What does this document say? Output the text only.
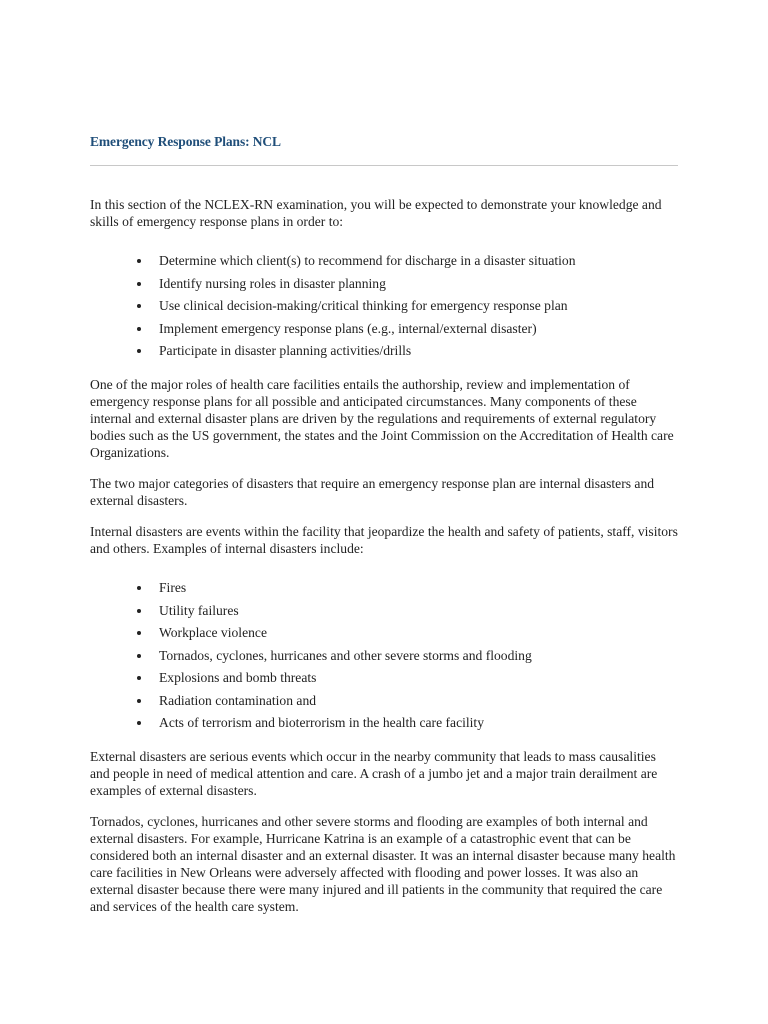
Emergency Response Plans: NCL

In this section of the NCLEX-RN examination, you will be expected to demonstrate your knowledge and skills of emergency response plans in order to:

Determine which client(s) to recommend for discharge in a disaster situation
Identify nursing roles in disaster planning
Use clinical decision-making/critical thinking for emergency response plan
Implement emergency response plans (e.g., internal/external disaster)
Participate in disaster planning activities/drills

One of the major roles of health care facilities entails the authorship, review and implementation of emergency response plans for all possible and anticipated circumstances. Many components of these internal and external disaster plans are driven by the regulations and requirements of external regulatory bodies such as the US government, the states and the Joint Commission on the Accreditation of Health care Organizations.

The two major categories of disasters that require an emergency response plan are internal disasters and external disasters.

Internal disasters are events within the facility that jeopardize the health and safety of patients, staff, visitors and others. Examples of internal disasters include:

Fires
Utility failures
Workplace violence
Tornados, cyclones, hurricanes and other severe storms and flooding
Explosions and bomb threats
Radiation contamination and
Acts of terrorism and bioterrorism in the health care facility

External disasters are serious events which occur in the nearby community that leads to mass causalities and people in need of medical attention and care. A crash of a jumbo jet and a major train derailment are examples of external disasters.

Tornados, cyclones, hurricanes and other severe storms and flooding are examples of both internal and external disasters. For example, Hurricane Katrina is an example of a catastrophic event that can be considered both an internal disaster and an external disaster. It was an internal disaster because many health care facilities in New Orleans were adversely affected with flooding and power losses. It was also an external disaster because there were many injured and ill patients in the community that required the care and services of the health care system.
